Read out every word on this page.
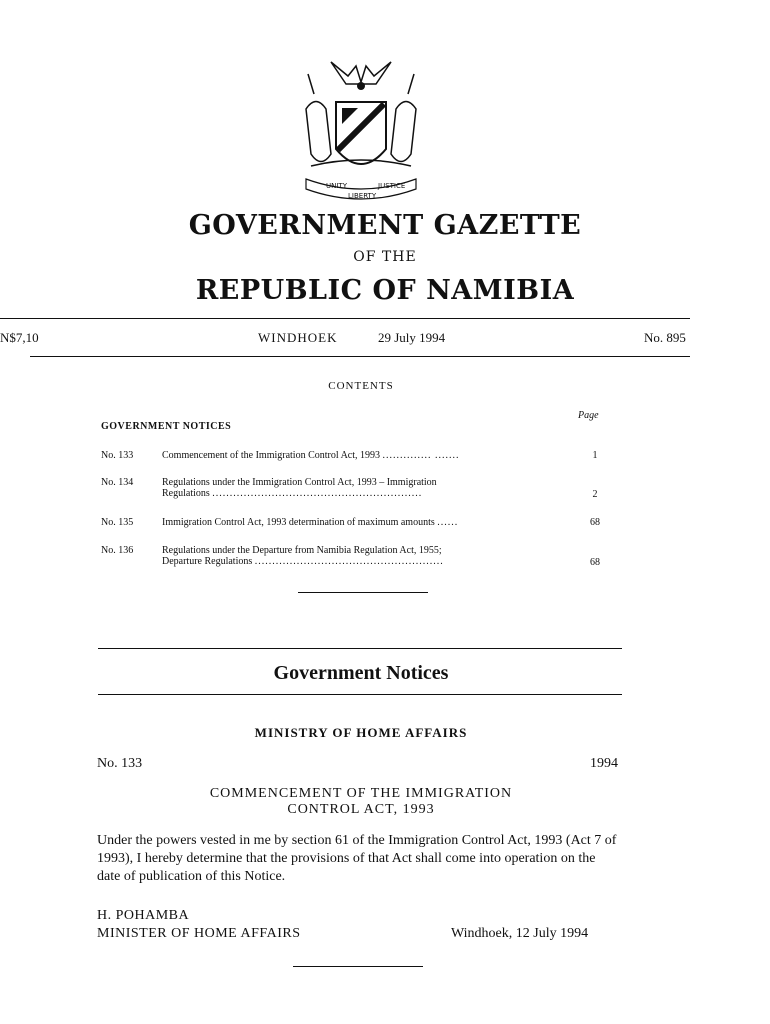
UNITY
LIBERTY
JUSTICE
GOVERNMENT GAZETTE
OF THE
REPUBLIC OF NAMIBIA
N$7,10	WINDHOEK	29 July 1994	No. 895
CONTENTS
Page
GOVERNMENT NOTICES
No. 133	Commencement of the Immigration Control Act, 1993 .............. .......	1
No. 134	Regulations under the Immigration Control Act, 1993 – Immigration
Regulations ............................................................	2
No. 135	Immigration Control Act, 1993 determination of maximum amounts ......	68
No. 136	Regulations under the Departure from Namibia Regulation Act, 1955;
Departure Regulations ......................................................	68
Government Notices
MINISTRY OF HOME AFFAIRS
No. 133	1994
COMMENCEMENT OF THE IMMIGRATION
CONTROL ACT, 1993
Under the powers vested in me by section 61 of the Immigration Control Act, 1993 (Act 7 of 1993), I hereby determine that the provisions of that Act shall come into operation on the date of publication of this Notice.
H. POHAMBA
MINISTER OF HOME AFFAIRS	Windhoek, 12 July 1994
